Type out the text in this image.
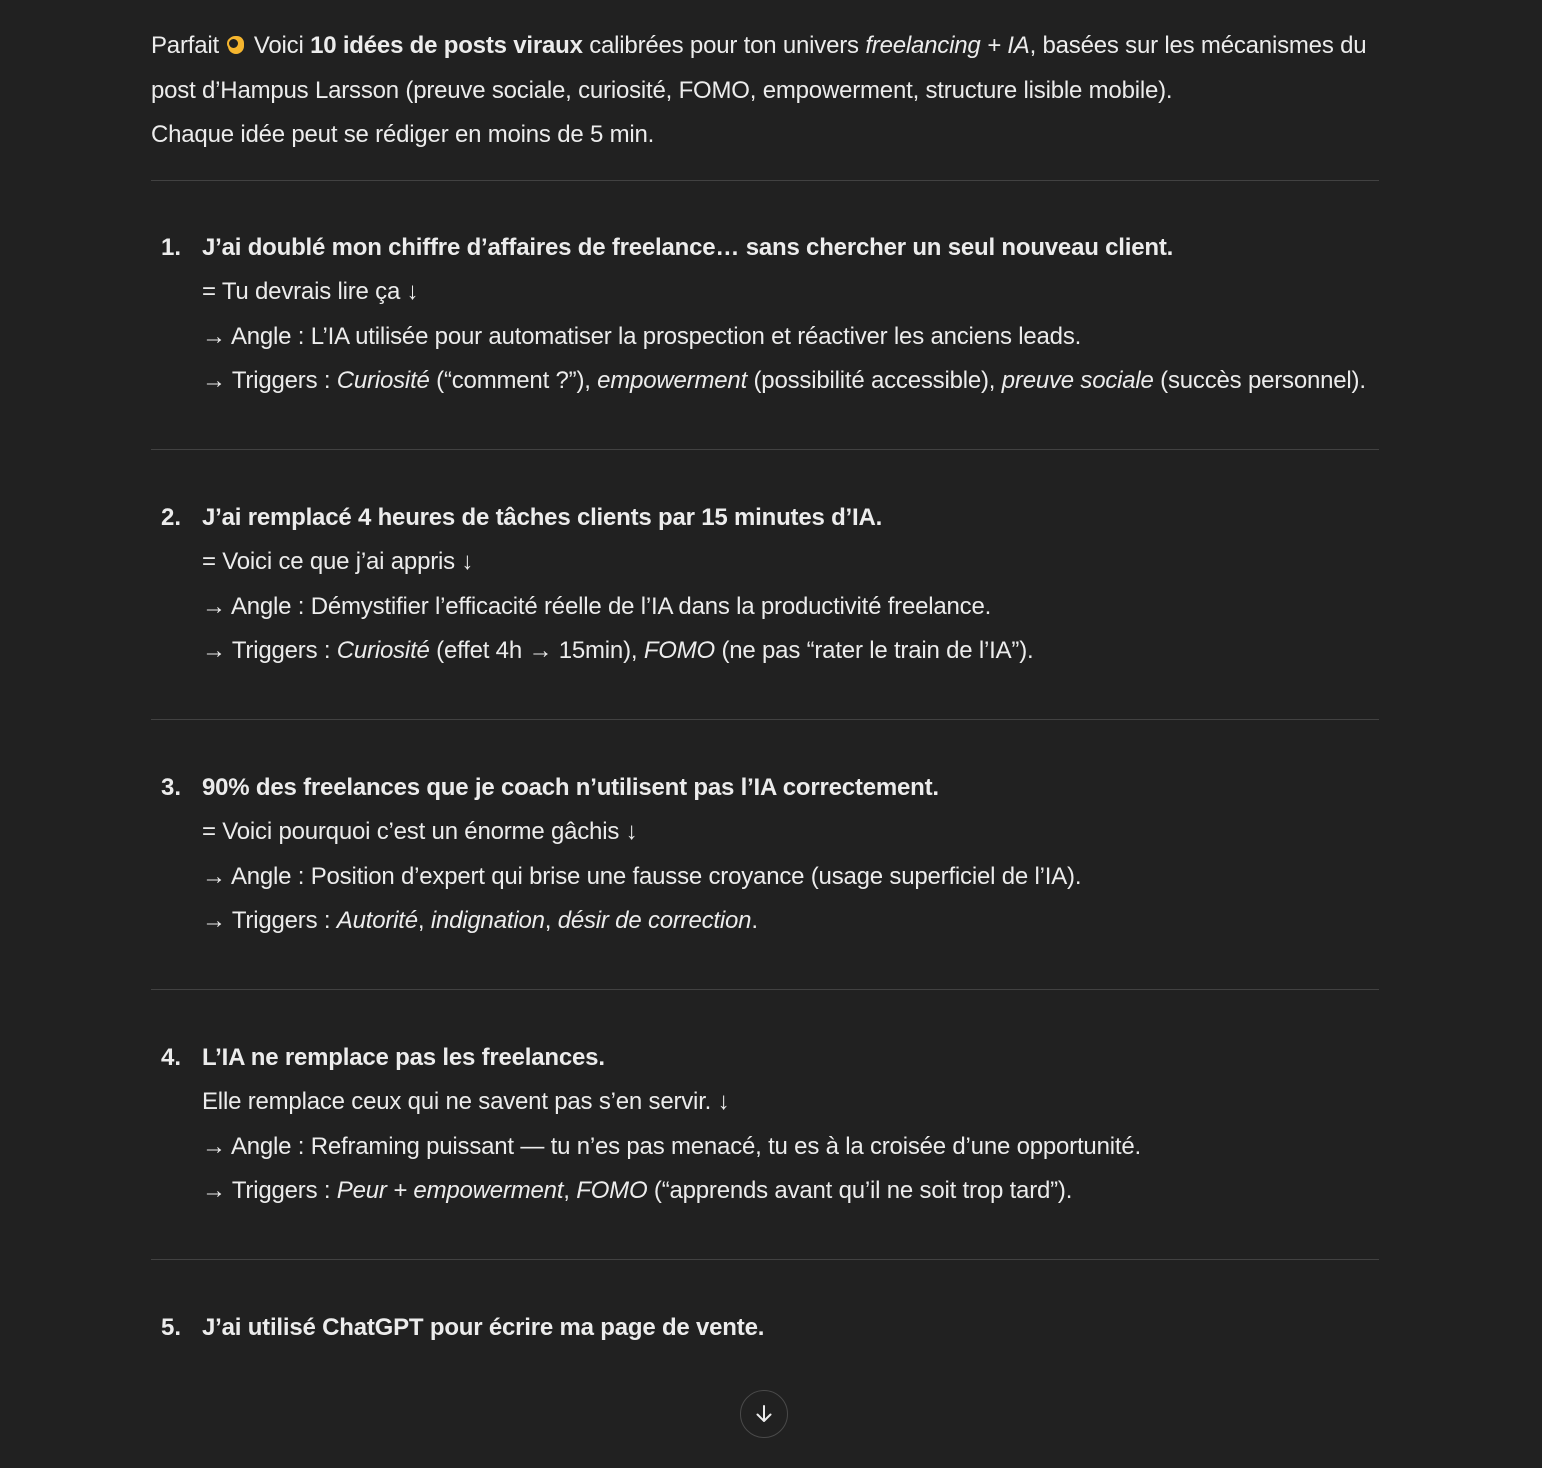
Parfait
Voici 10 idées de posts viraux calibrées pour ton univers freelancing + IA, basées sur les mécanismes du post d’Hampus Larsson (preuve sociale, curiosité, FOMO, empowerment, structure lisible mobile).

Chaque idée peut se rédiger en moins de 5 min.

1. J’ai doublé mon chiffre d’affaires de freelance… sans chercher un seul nouveau client.

= Tu devrais lire ça ↓

→ Angle : L’IA utilisée pour automatiser la prospection et réactiver les anciens leads.

→ Triggers : Curiosité (“comment ?”), empowerment (possibilité accessible), preuve sociale (succès personnel).

2. J’ai remplacé 4 heures de tâches clients par 15 minutes d’IA.

= Voici ce que j’ai appris ↓

→ Angle : Démystifier l’efficacité réelle de l’IA dans la productivité freelance.

→ Triggers : Curiosité (effet 4h → 15min), FOMO (ne pas “rater le train de l’IA”).

3. 90% des freelances que je coach n’utilisent pas l’IA correctement.

= Voici pourquoi c’est un énorme gâchis ↓

→ Angle : Position d’expert qui brise une fausse croyance (usage superficiel de l’IA).

→ Triggers : Autorité, indignation, désir de correction.

4. L’IA ne remplace pas les freelances.

Elle remplace ceux qui ne savent pas s’en servir. ↓

→ Angle : Reframing puissant — tu n’es pas menacé, tu es à la croisée d’une opportunité.

→ Triggers : Peur + empowerment, FOMO (“apprends avant qu’il ne soit trop tard”).

5. J’ai utilisé ChatGPT pour écrire ma page de vente.
